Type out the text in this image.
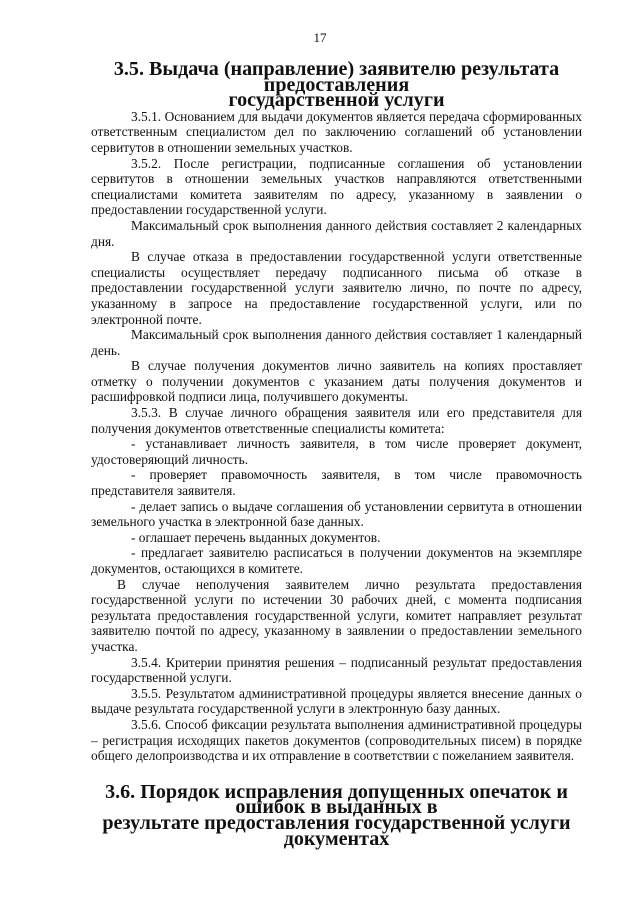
17
3.5. Выдача (направление) заявителю результата предоставления
государственной услуги
3.5.1. Основанием для выдачи документов является передача сформированных ответственным специалистом дел по заключению соглашений об установлении сервитутов в отношении земельных участков.
3.5.2. После регистрации, подписанные соглашения об установлении сервитутов в отношении земельных участков направляются ответственными специалистами комитета заявителям по адресу, указанному в заявлении о предоставлении государственной услуги.
Максимальный срок выполнения данного действия составляет 2 календарных дня.
В случае отказа в предоставлении государственной услуги ответственные специалисты осуществляет передачу подписанного письма об отказе в предоставлении государственной услуги заявителю лично, по почте по адресу, указанному в запросе на предоставление государственной услуги, или по электронной почте.
Максимальный срок выполнения данного действия составляет 1 календарный день.
В случае получения документов лично заявитель на копиях проставляет отметку о получении документов с указанием даты получения документов и расшифровкой подписи лица, получившего документы.
3.5.3. В случае личного обращения заявителя или его представителя для получения документов ответственные специалисты комитета:
- устанавливает личность заявителя, в том числе проверяет документ, удостоверяющий личность.
- проверяет правомочность заявителя, в том числе правомочность представителя заявителя.
- делает запись о выдаче соглашения об установлении сервитута в отношении земельного участка в электронной базе данных.
- оглашает перечень выданных документов.
- предлагает заявителю расписаться в получении документов на экземпляре документов, остающихся в комитете.
В случае неполучения заявителем лично результата предоставления государственной услуги по истечении 30 рабочих дней, с момента подписания результата предоставления государственной услуги, комитет направляет результат заявителю почтой по адресу, указанному в заявлении о предоставлении земельного участка.
3.5.4. Критерии принятия решения – подписанный результат предоставления государственной услуги.
3.5.5. Результатом административной процедуры является внесение данных о выдаче результата государственной услуги в электронную базу данных.
3.5.6. Способ фиксации результата выполнения административной процедуры – регистрация исходящих пакетов документов (сопроводительных писем) в порядке общего делопроизводства и их отправление в соответствии с пожеланием заявителя.
3.6. Порядок исправления допущенных опечаток и ошибок в выданных в
результате предоставления государственной услуги документах
